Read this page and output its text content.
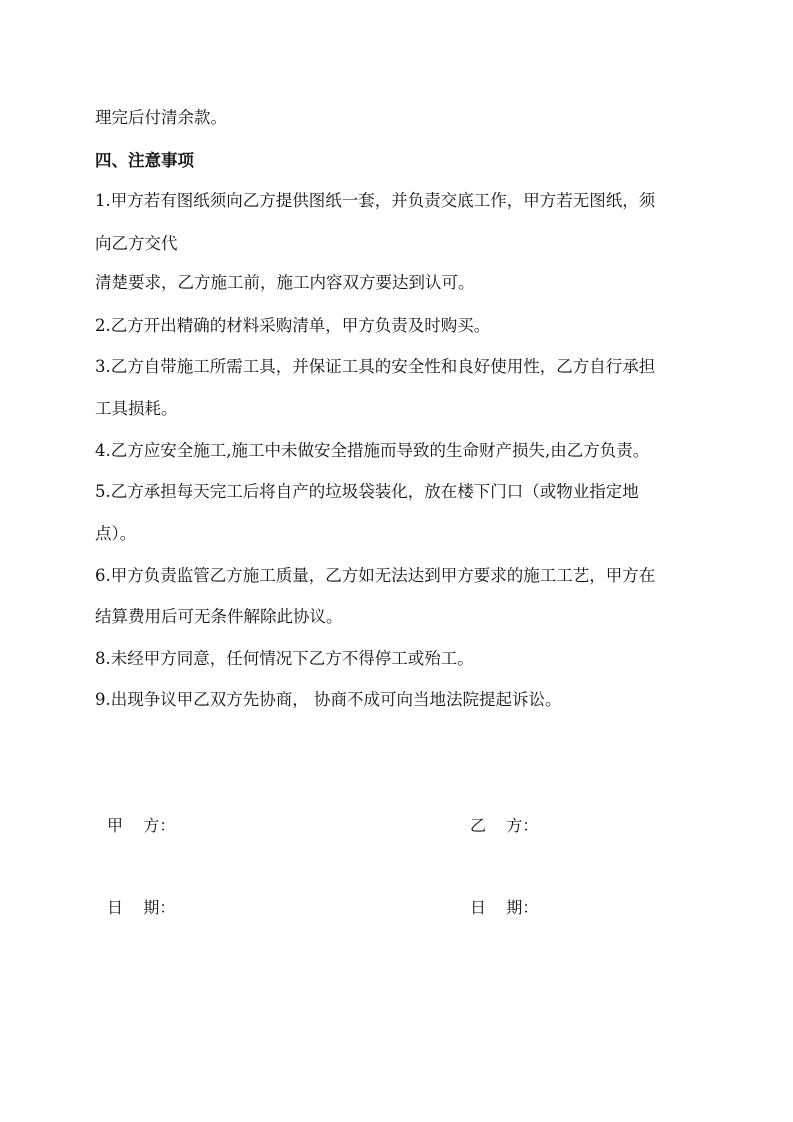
理完后付清余款。
四、注意事项
1.甲方若有图纸须向乙方提供图纸一套，并负责交底工作，甲方若无图纸，须
向乙方交代
清楚要求，乙方施工前，施工内容双方要达到认可。
2.乙方开出精确的材料采购清单，甲方负责及时购买。
3.乙方自带施工所需工具，并保证工具的安全性和良好使用性，乙方自行承担
工具损耗。
4.乙方应安全施工,施工中未做安全措施而导致的生命财产损失,由乙方负责。
5.乙方承担每天完工后将自产的垃圾袋装化，放在楼下门口（或物业指定地
点）。
6.甲方负责监管乙方施工质量，乙方如无法达到甲方要求的施工工艺，甲方在
结算费用后可无条件解除此协议。
8.未经甲方同意，任何情况下乙方不得停工或殆工。
9.出现争议甲乙双方先协商， 协商不成可向当地法院提起诉讼。
甲    方：	乙    方：
日    期：	日    期：
